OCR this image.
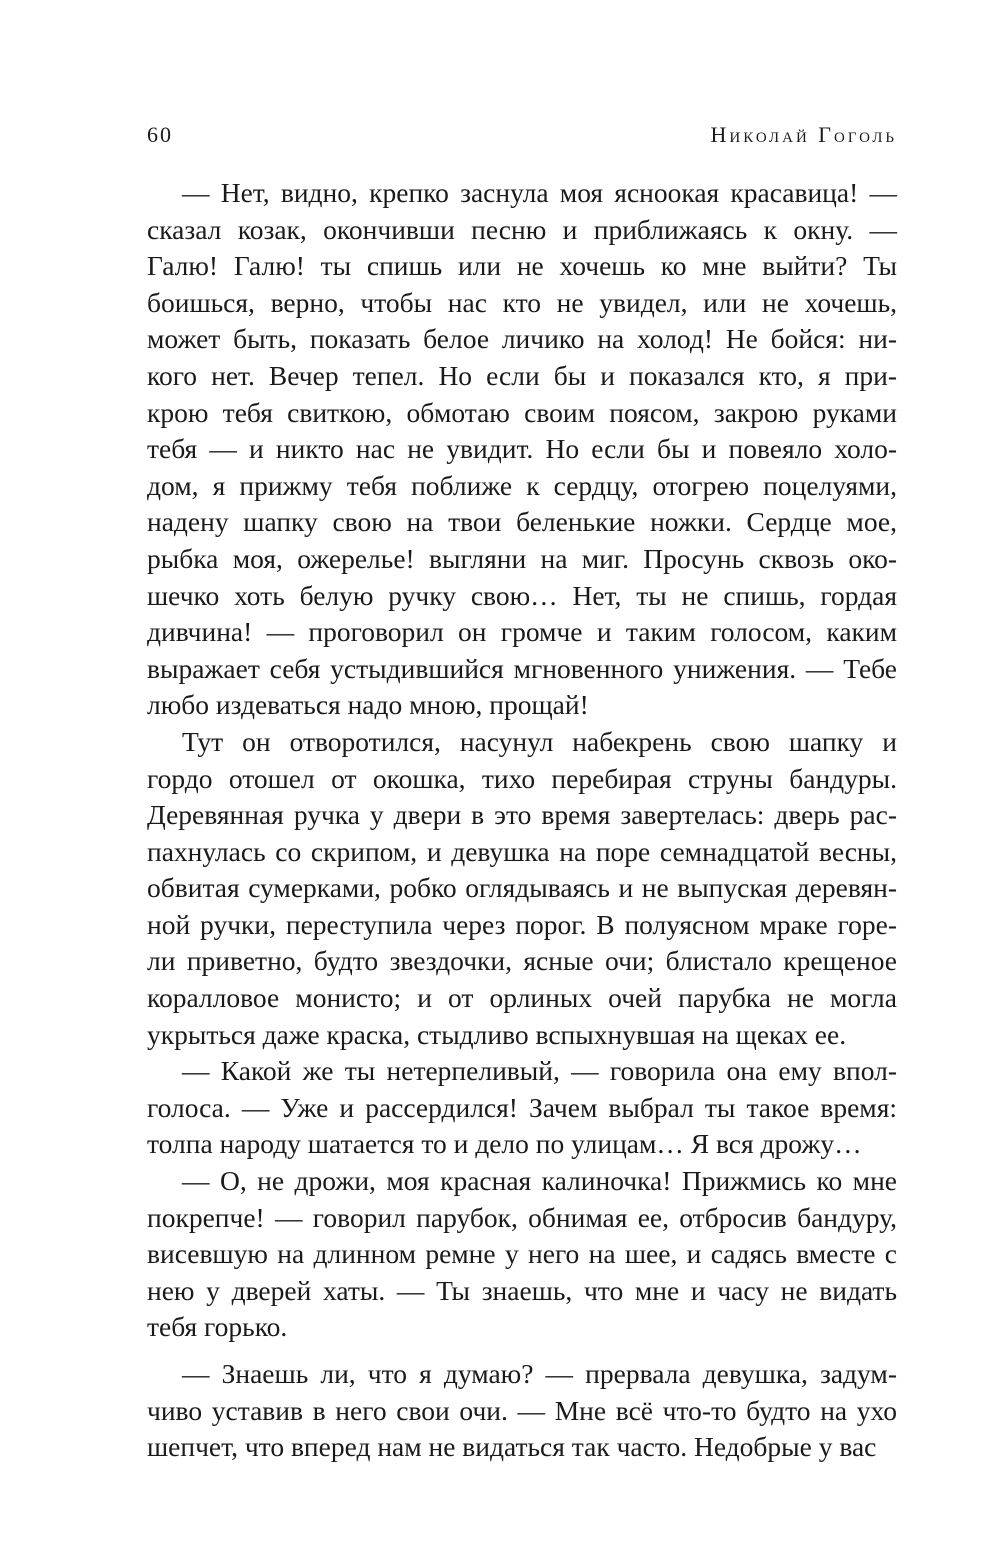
60	Николай Гоголь
— Нет, видно, крепко заснула моя яснoокая красавица! —
сказал козак, окончивши песню и приближаясь к окну. —
Галю! Галю! ты спишь или не хочешь ко мне выйти? Ты
боишься, верно, чтобы нас кто не увидел, или не хочешь,
может быть, показать белое личико на холод! Не бойся: ни-
кого нет. Вечер тепел. Но если бы и показался кто, я при-
крою тебя свиткою, обмотаю своим поясом, закрою руками
тебя — и никто нас не увидит. Но если бы и повеяло холо-
дом, я прижму тебя поближе к сердцу, отогрею поцелуями,
надену шапку свою на твои беленькие ножки. Сердце мое,
рыбка моя, ожерелье! выгляни на миг. Просунь сквозь око-
шечко хоть белую ручку свою… Нет, ты не спишь, гордая
дивчина! — проговорил он громче и таким голосом, каким
выражает себя устыдившийся мгновенного унижения. — Тебе
любо издеваться надо мною, прощай!
Тут он отворотился, насунул набекрень свою шапку и
гордо отошел от окошка, тихо перебирая струны бандуры.
Деревянная ручка у двери в это время завертелась: дверь рас-
пахнулась со скрипом, и девушка на поре семнадцатой весны,
обвитая сумерками, робко оглядываясь и не выпуская деревян-
ной ручки, переступила через порог. В полуясном мраке горе-
ли приветно, будто звездочки, ясные очи; блистало крещеное
коралловое монисто; и от орлиных очей парубка не могла
укрыться даже краска, стыдливо вспыхнувшая на щеках ее.
— Какой же ты нетерпеливый, — говорила она ему впол-
голоса. — Уже и рассердился! Зачем выбрал ты такое время:
толпа народу шатается то и дело по улицам… Я вся дрожу…
— О, не дрожи, моя красная калиночка! Прижмись ко мне
покрепче! — говорил парубок, обнимая ее, отбросив бандуру,
висевшую на длинном ремне у него на шее, и садясь вместе с
нею у дверей хаты. — Ты знаешь, что мне и часу не видать
тебя горько.
— Знаешь ли, что я думаю? — прервала девушка, задум-
чиво уставив в него свои очи. — Мне всё что-то будто на ухо
шепчет, что вперед нам не видаться так часто. Недобрые у вас
